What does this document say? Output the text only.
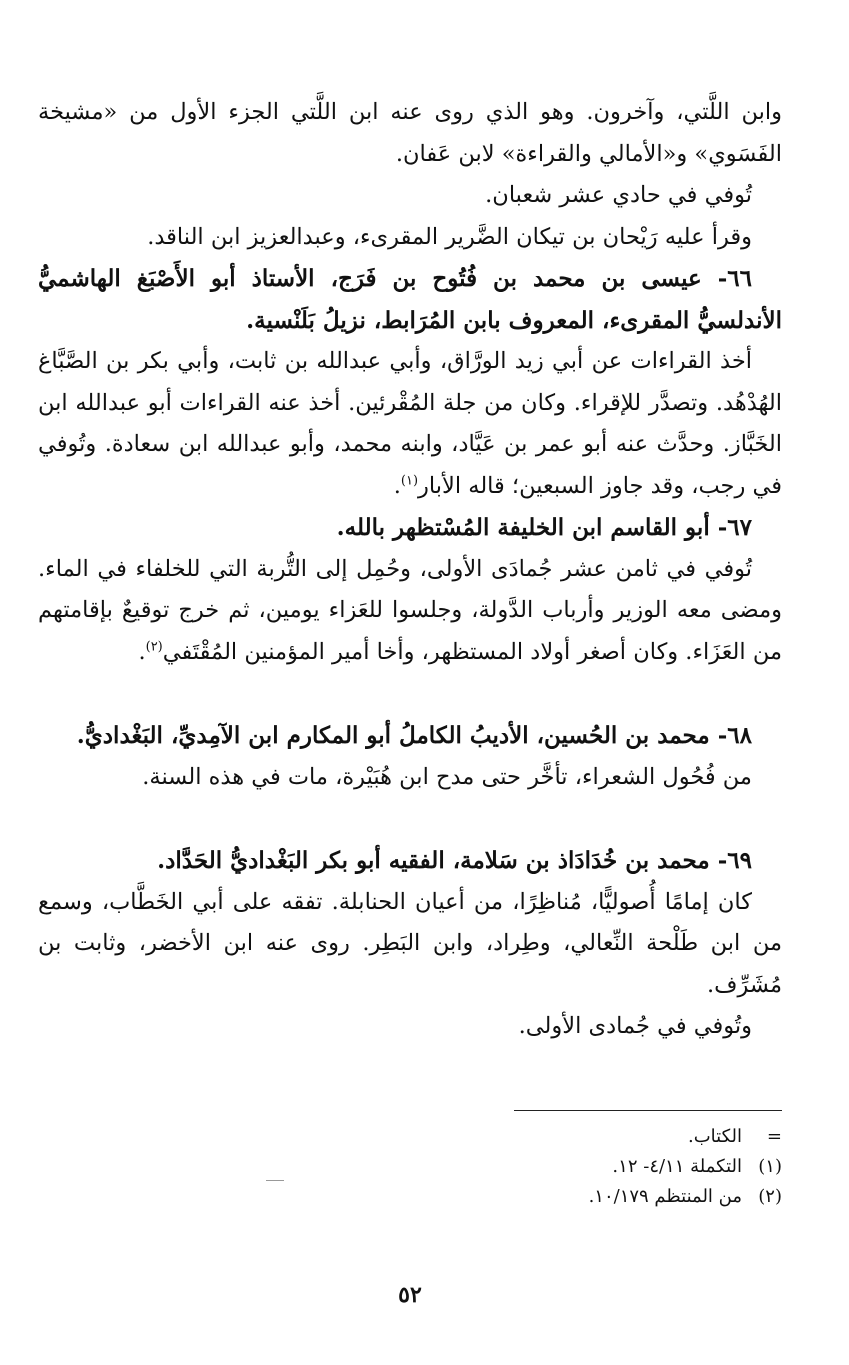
وابن اللَّتي، وآخرون. وهو الذي روى عنه ابن اللَّتي الجزء الأول من «مشيخة الفَسَوي» و«الأمالي والقراءة» لابن عَفان.

تُوفي في حادي عشر شعبان.

وقرأ عليه رَيْحان بن تيكان الضَّرير المقرىء، وعبدالعزيز ابن الناقد.

٦٦- عيسى بن محمد بن فُتُوح بن فَرَج، الأستاذ أبو الأَصْبَغ الهاشميُّ الأندلسيُّ المقرىء، المعروف بابن المُرَابط، نزيلُ بَلَنْسية.

أخذ القراءات عن أبي زيد الورَّاق، وأبي عبدالله بن ثابت، وأبي بكر بن الصَّبَّاغ الهُدْهُد. وتصدَّر للإقراء. وكان من جلة المُقْرئين. أخذ عنه القراءات أبو عبدالله ابن الخَبَّاز. وحدَّث عنه أبو عمر بن عَيَّاد، وابنه محمد، وأبو عبدالله ابن سعادة. وتُوفي في رجب، وقد جاوز السبعين؛ قاله الأبار$^{(١)}$.

٦٧- أبو القاسم ابن الخليفة المُسْتظهر بالله.

تُوفي في ثامن عشر جُمادَى الأولى، وحُمِل إلى التُّربة التي للخلفاء في الماء. ومضى معه الوزير وأرباب الدَّولة، وجلسوا للعَزاء يومين، ثم خرج توقيعٌ بإقامتهم من العَزَاء. وكان أصغر أولاد المستظهر، وأخا أمير المؤمنين المُقْتَفي$^{(٢)}$.

٦٨- محمد بن الحُسين، الأديبُ الكاملُ أبو المكارم ابن الآمِديِّ، البَغْداديُّ.

من فُحُول الشعراء، تأخَّر حتى مدح ابن هُبَيْرة، مات في هذه السنة.

٦٩- محمد بن خُدَادَاذ بن سَلامة، الفقيه أبو بكر البَغْداديُّ الحَدَّاد.

كان إمامًا أُصوليًّا، مُناظِرًا، من أعيان الحنابلة. تفقه على أبي الخَطَّاب، وسمع من ابن طَلْحة النِّعالي، وطِراد، وابن البَطِر. روى عنه ابن الأخضر، وثابت بن مُشَرِّف.

وتُوفي في جُمادى الأولى.

=
الكتاب.
(١)
التكملة ٤/١١- ١٢.
(٢)
من المنتظم ١٠/١٧٩.
٥٢
